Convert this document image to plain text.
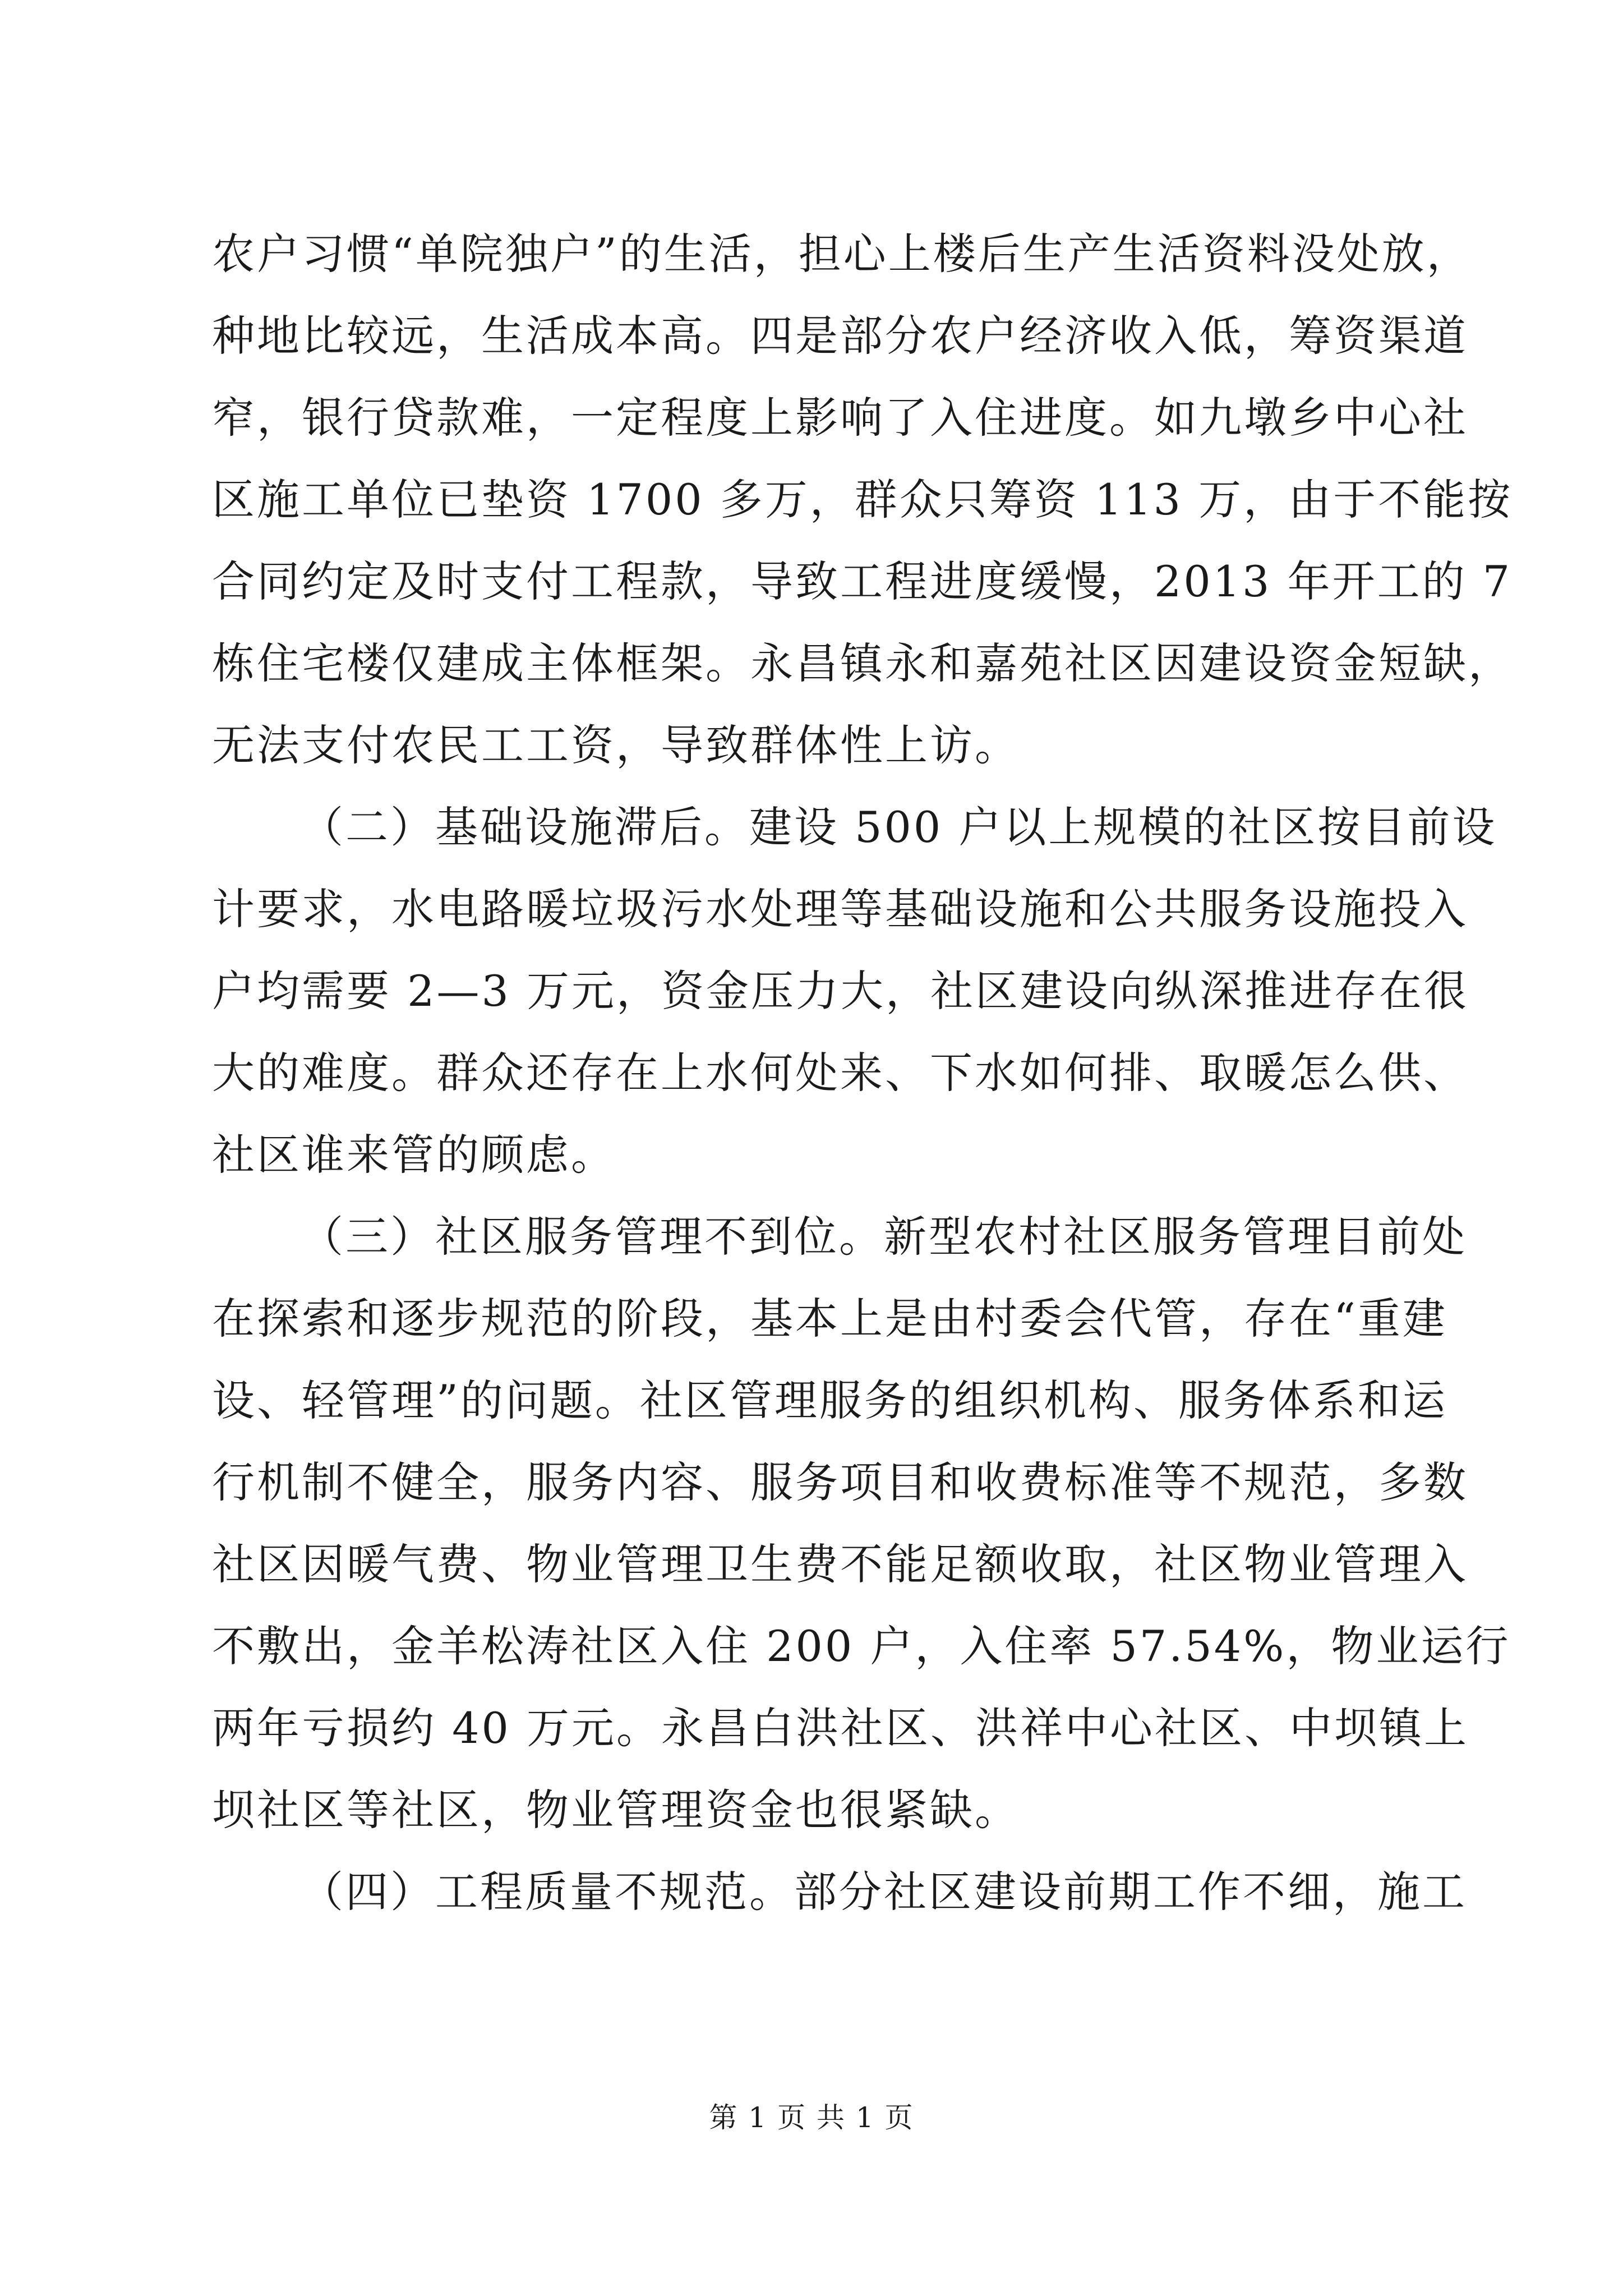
农户习惯“单院独户”的生活，担心上楼后生产生活资料没处放，
种地比较远，生活成本高。四是部分农户经济收入低，筹资渠道
窄，银行贷款难，一定程度上影响了入住进度。如九墩乡中心社
区施工单位已垫资 1700 多万，群众只筹资 113 万，由于不能按
合同约定及时支付工程款，导致工程进度缓慢，2013 年开工的 7
栋住宅楼仅建成主体框架。永昌镇永和嘉苑社区因建设资金短缺，
无法支付农民工工资，导致群体性上访。
（二）基础设施滞后。建设 500 户以上规模的社区按目前设
计要求，水电路暖垃圾污水处理等基础设施和公共服务设施投入
户均需要 2—3 万元，资金压力大，社区建设向纵深推进存在很
大的难度。群众还存在上水何处来、下水如何排、取暖怎么供、
社区谁来管的顾虑。
（三）社区服务管理不到位。新型农村社区服务管理目前处
在探索和逐步规范的阶段，基本上是由村委会代管，存在“重建
设、轻管理”的问题。社区管理服务的组织机构、服务体系和运
行机制不健全，服务内容、服务项目和收费标准等不规范，多数
社区因暖气费、物业管理卫生费不能足额收取，社区物业管理入
不敷出，金羊松涛社区入住 200 户，入住率 57.54%，物业运行
两年亏损约 40 万元。永昌白洪社区、洪祥中心社区、中坝镇上
坝社区等社区，物业管理资金也很紧缺。
（四）工程质量不规范。部分社区建设前期工作不细，施工
第 1 页 共 1 页
